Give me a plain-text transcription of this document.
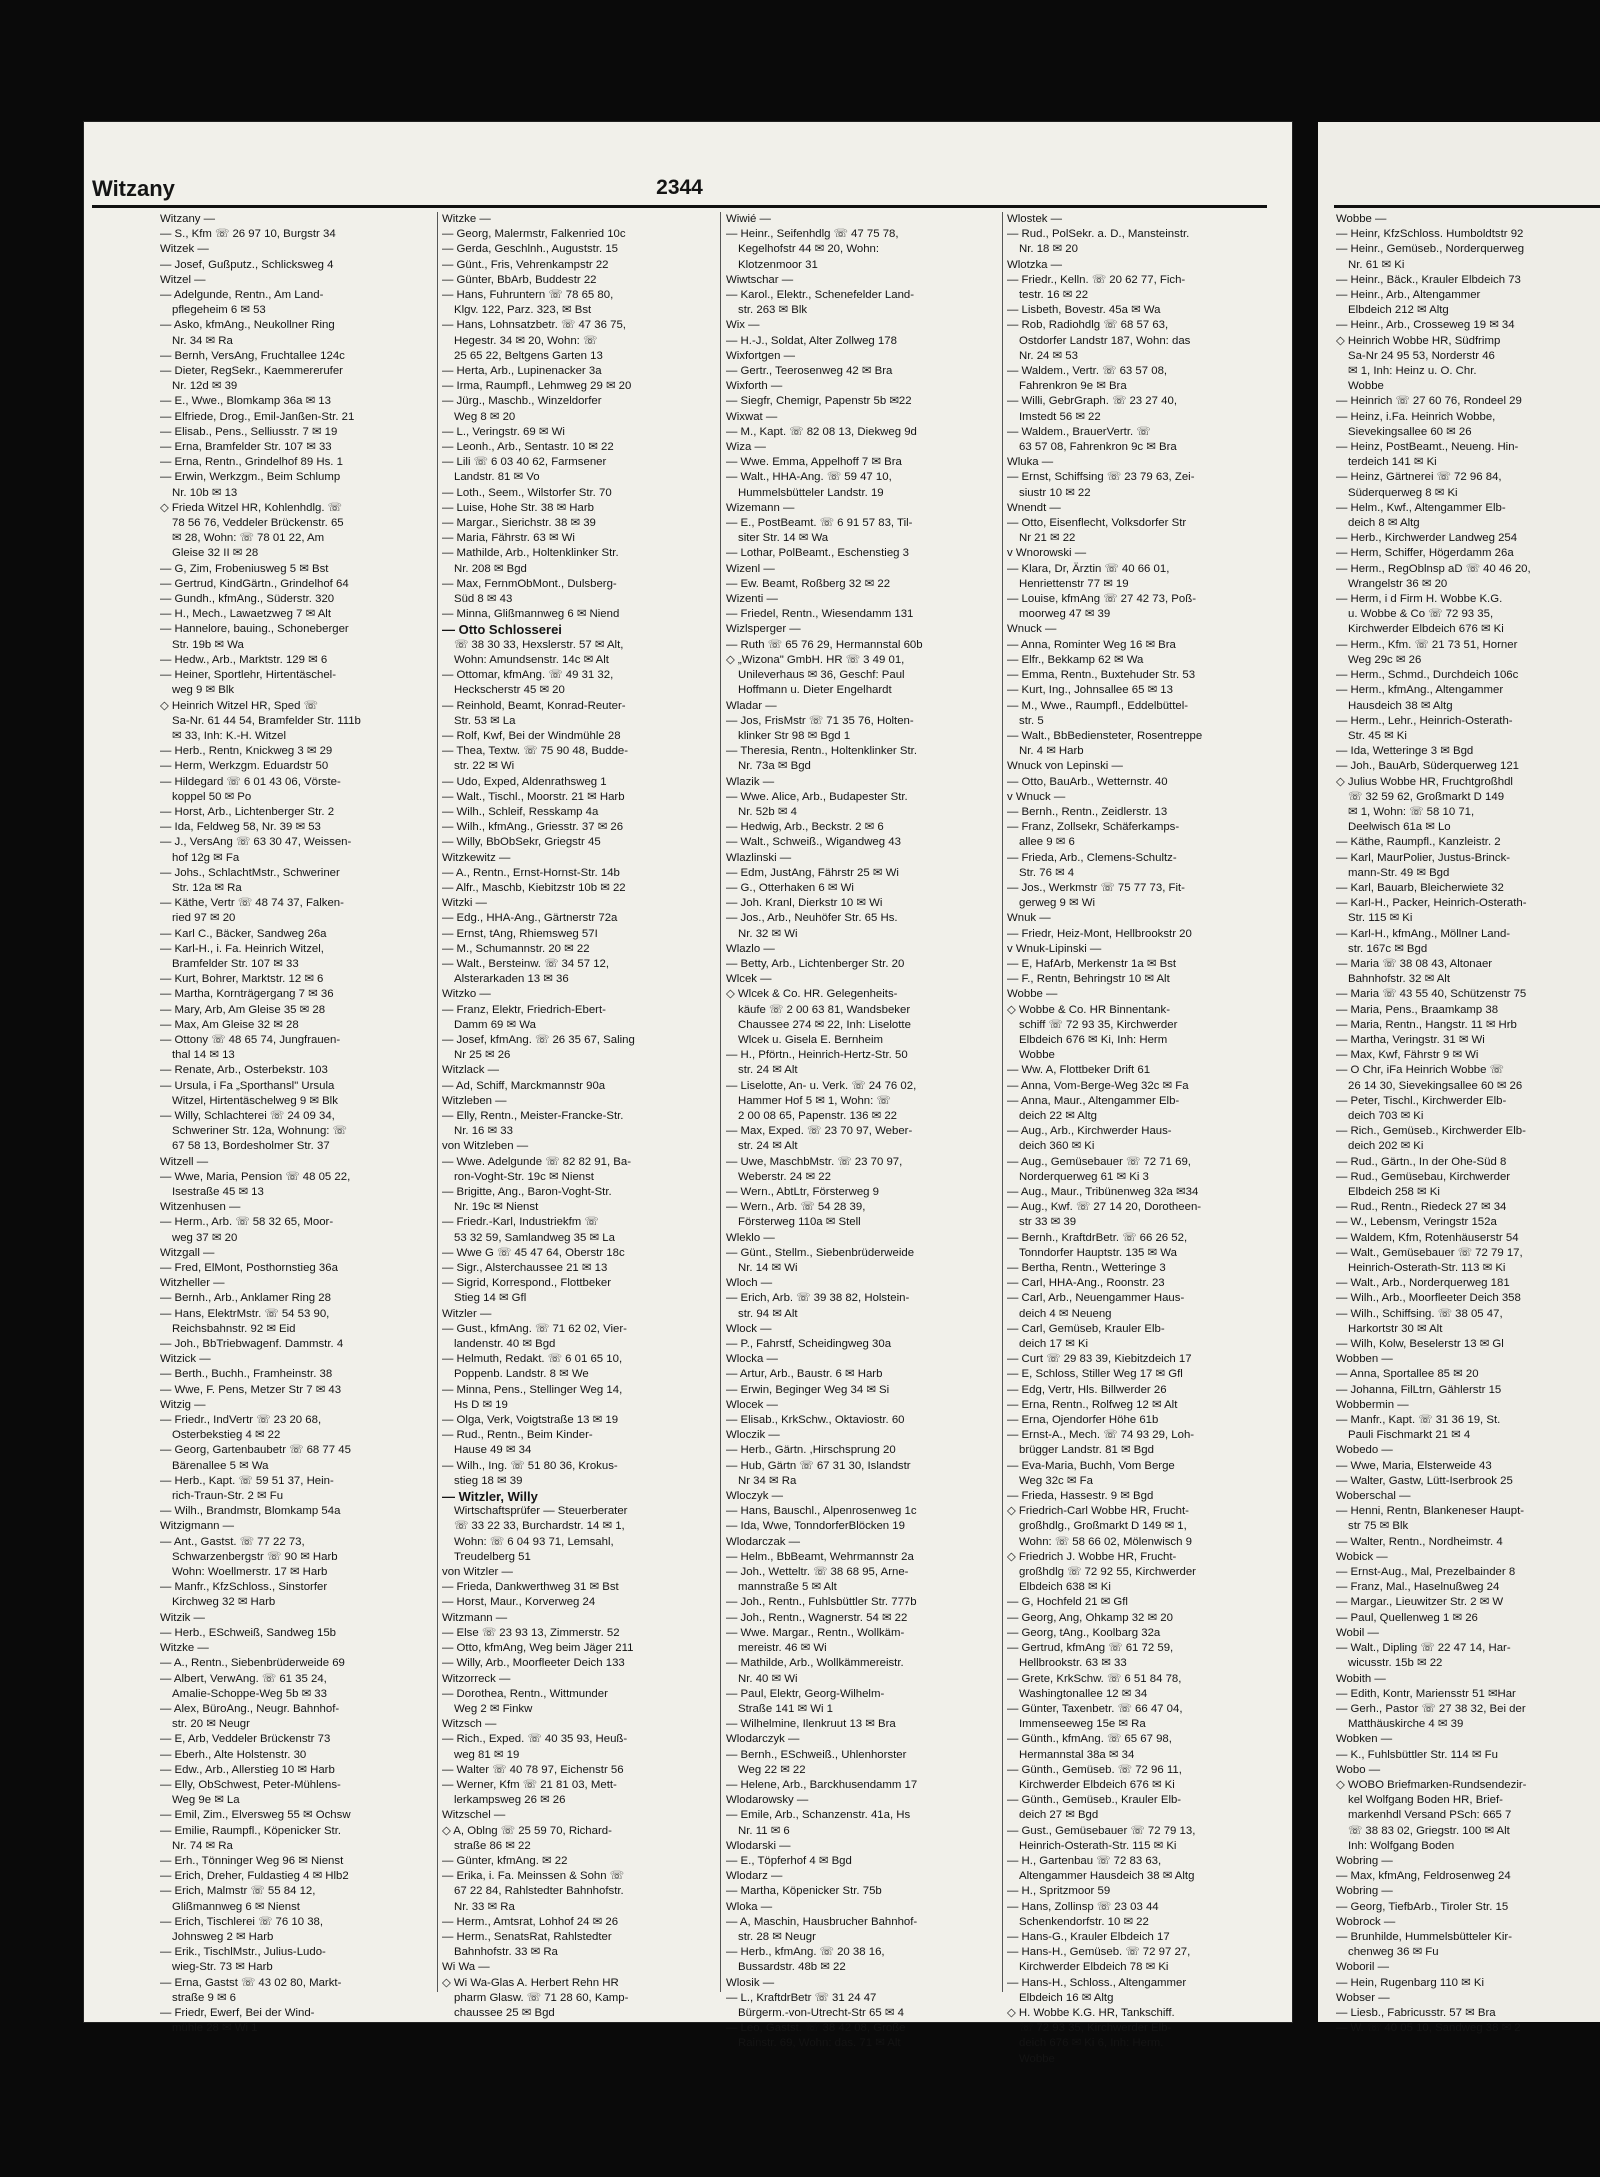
Witzany	2344
Witzany —
— S., Kfm ☏ 26 97 10, Burgstr 34
Witzek —
— Josef, Gußputz., Schlicksweg 4
Witzel —
— Adelgunde, Rentn., Am Land-
pflegeheim 6 ✉ 53
— Asko, kfmAng., Neukollner Ring
Nr. 34 ✉ Ra
— Bernh, VersAng, Fruchtallee 124c
— Dieter, RegSekr., Kaemmererufer
Nr. 12d ✉ 39
— E., Wwe., Blomkamp 36a ✉ 13
— Elfriede, Drog., Emil-Janßen-Str. 21
— Elisab., Pens., Selliusstr. 7 ✉ 19
— Erna, Bramfelder Str. 107 ✉ 33
— Erna, Rentn., Grindelhof 89 Hs. 1
— Erwin, Werkzgm., Beim Schlump
Nr. 10b ✉ 13
◇ Frieda Witzel HR, Kohlenhdlg. ☏
78 56 76, Veddeler Brückenstr. 65
✉ 28, Wohn: ☏ 78 01 22, Am
Gleise 32 II ✉ 28
— G, Zim, Frobeniusweg 5 ✉ Bst
— Gertrud, KindGärtn., Grindelhof 64
— Gundh., kfmAng., Süderstr. 320
— H., Mech., Lawaetzweg 7 ✉ Alt
— Hannelore, bauing., Schoneberger
Str. 19b ✉ Wa
— Hedw., Arb., Marktstr. 129 ✉ 6
— Heiner, Sportlehr, Hirtentäschel-
weg 9 ✉ Blk
◇ Heinrich Witzel HR, Sped ☏
Sa-Nr. 61 44 54, Bramfelder Str. 111b
✉ 33, Inh: K.-H. Witzel
— Herb., Rentn, Knickweg 3 ✉ 29
— Herm, Werkzgm. Eduardstr 50
— Hildegard ☏ 6 01 43 06, Vörste-
koppel 50 ✉ Po
— Horst, Arb., Lichtenberger Str. 2
— Ida, Feldweg 58, Nr. 39 ✉ 53
— J., VersAng ☏ 63 30 47, Weissen-
hof 12g ✉ Fa
— Johs., SchlachtMstr., Schweriner
Str. 12a ✉ Ra
— Käthe, Vertr ☏ 48 74 37, Falken-
ried 97 ✉ 20
— Karl C., Bäcker, Sandweg 26a
— Karl-H., i. Fa. Heinrich Witzel,
Bramfelder Str. 107 ✉ 33
— Kurt, Bohrer, Marktstr. 12 ✉ 6
— Martha, Kornträgergang 7 ✉ 36
— Mary, Arb, Am Gleise 35 ✉ 28
— Max, Am Gleise 32 ✉ 28
— Ottony ☏ 48 65 74, Jungfrauen-
thal 14 ✉ 13
— Renate, Arb., Osterbekstr. 103
— Ursula, i Fa „Sporthansl" Ursula
Witzel, Hirtentäschelweg 9 ✉ Blk
— Willy, Schlachterei ☏ 24 09 34,
Schweriner Str. 12a, Wohnung: ☏
67 58 13, Bordesholmer Str. 37
Witzell —
— Wwe, Maria, Pension ☏ 48 05 22,
Isestraße 45 ✉ 13
Witzenhusen —
— Herm., Arb. ☏ 58 32 65, Moor-
weg 37 ✉ 20
Witzgall —
— Fred, ElMont, Posthornstieg 36a
Witzheller —
— Bernh., Arb., Anklamer Ring 28
— Hans, ElektrMstr. ☏ 54 53 90,
Reichsbahnstr. 92 ✉ Eid
— Joh., BbTriebwagenf. Dammstr. 4
Witzick —
— Berth., Buchh., Framheinstr. 38
— Wwe, F. Pens, Metzer Str 7 ✉ 43
Witzig —
— Friedr., IndVertr ☏ 23 20 68,
Osterbekstieg 4 ✉ 22
— Georg, Gartenbaubetr ☏ 68 77 45
Bärenallee 5 ✉ Wa
— Herb., Kapt. ☏ 59 51 37, Hein-
rich-Traun-Str. 2 ✉ Fu
— Wilh., Brandmstr, Blomkamp 54a
Witzigmann —
— Ant., Gastst. ☏ 77 22 73,
Schwarzenbergstr ☏ 90 ✉ Harb
Wohn: Woellmerstr. 17 ✉ Harb
— Manfr., KfzSchloss., Sinstorfer
Kirchweg 32 ✉ Harb
Witzik —
— Herb., ESchweiß, Sandweg 15b
Witzke —
— A., Rentn., Siebenbrüderweide 69
— Albert, VerwAng. ☏ 61 35 24,
Amalie-Schoppe-Weg 5b ✉ 33
— Alex, BüroAng., Neugr. Bahnhof-
str. 20 ✉ Neugr
— E, Arb, Veddeler Brückenstr 73
— Eberh., Alte Holstenstr. 30
— Edw., Arb., Allerstieg 10 ✉ Harb
— Elly, ObSchwest, Peter-Mühlens-
Weg 9e ✉ La
— Emil, Zim., Elversweg 55 ✉ Ochsw
— Emilie, Raumpfl., Köpenicker Str.
Nr. 74 ✉ Ra
— Erh., Tönninger Weg 96 ✉ Nienst
— Erich, Dreher, Fuldastieg 4 ✉ Hlb2
— Erich, Malmstr ☏ 55 84 12,
Glißmannweg 6 ✉ Nienst
— Erich, Tischlerei ☏ 76 10 38,
Johnsweg 2 ✉ Harb
— Erik., TischlMstr., Julius-Ludo-
wieg-Str. 73 ✉ Harb
— Erna, Gastst ☏ 43 02 80, Markt-
straße 9 ✉ 6
— Friedr, Ewerf, Bei der Wind-
mühle 28 ✉ Wi 1
Witzke —
— Georg, Malermstr, Falkenried 10c
— Gerda, Geschlnh., Auguststr. 15
— Günt., Fris, Vehrenkampstr 22
— Günter, BbArb, Buddestr 22
— Hans, Fuhruntern ☏ 78 65 80,
Klgv. 122, Parz. 323, ✉ Bst
— Hans, Lohnsatzbetr. ☏ 47 36 75,
Hegestr. 34 ✉ 20, Wohn: ☏
25 65 22, Beltgens Garten 13
— Herta, Arb., Lupinenacker 3a
— Irma, Raumpfl., Lehmweg 29 ✉ 20
— Jürg., Maschb., Winzeldorfer
Weg 8 ✉ 20
— L., Veringstr. 69 ✉ Wi
— Leonh., Arb., Sentastr. 10 ✉ 22
— Lili ☏ 6 03 40 62, Farmsener
Landstr. 81 ✉ Vo
— Loth., Seem., Wilstorfer Str. 70
— Luise, Hohe Str. 38 ✉ Harb
— Margar., Sierichstr. 38 ✉ 39
— Maria, Fährstr. 63 ✉ Wi
— Mathilde, Arb., Holtenklinker Str.
Nr. 208 ✉ Bgd
— Max, FernmObMont., Dulsberg-
Süd 8 ✉ 43
— Minna, Glißmannweg 6 ✉ Niend
— Otto Schlosserei
☏ 38 30 33, Hexslerstr. 57 ✉ Alt,
Wohn: Amundsenstr. 14c ✉ Alt
— Ottomar, kfmAng. ☏ 49 31 32,
Heckscherstr 45 ✉ 20
— Reinhold, Beamt, Konrad-Reuter-
Str. 53 ✉ La
— Rolf, Kwf, Bei der Windmühle 28
— Thea, Textw. ☏ 75 90 48, Budde-
str. 22 ✉ Wi
— Udo, Exped, Aldenrathsweg 1
— Walt., Tischl., Moorstr. 21 ✉ Harb
— Wilh., Schleif, Resskamp 4a
— Wilh., kfmAng., Griesstr. 37 ✉ 26
— Willy, BbObSekr, Griegstr 45
Witzkewitz —
— A., Rentn., Ernst-Hornst-Str. 14b
— Alfr., Maschb, Kiebitzstr 10b ✉ 22
Witzki —
— Edg., HHA-Ang., Gärtnerstr 72a
— Ernst, tAng, Rhiemsweg 57I
— M., Schumannstr. 20 ✉ 22
— Walt., Bersteinw. ☏ 34 57 12,
Alsterarkaden 13 ✉ 36
Witzko —
— Franz, Elektr, Friedrich-Ebert-
Damm 69 ✉ Wa
— Josef, kfmAng. ☏ 26 35 67, Saling
Nr 25 ✉ 26
Witzlack —
— Ad, Schiff, Marckmannstr 90a
Witzleben —
— Elly, Rentn., Meister-Francke-Str.
Nr. 16 ✉ 33
von Witzleben —
— Wwe. Adelgunde ☏ 82 82 91, Ba-
ron-Voght-Str. 19c ✉ Nienst
— Brigitte, Ang., Baron-Voght-Str.
Nr. 19c ✉ Nienst
— Friedr.-Karl, Industriekfm ☏
53 32 59, Samlandweg 35 ✉ La
— Wwe G ☏ 45 47 64, Oberstr 18c
— Sigr., Alsterchaussee 21 ✉ 13
— Sigrid, Korrespond., Flottbeker
Stieg 14 ✉ Gfl
Witzler —
— Gust., kfmAng. ☏ 71 62 02, Vier-
landenstr. 40 ✉ Bgd
— Helmuth, Redakt. ☏ 6 01 65 10,
Poppenb. Landstr. 8 ✉ We
— Minna, Pens., Stellinger Weg 14,
Hs D ✉ 19
— Olga, Verk, Voigtstraße 13 ✉ 19
— Rud., Rentn., Beim Kinder-
Hause 49 ✉ 34
— Wilh., Ing. ☏ 51 80 36, Krokus-
stieg 18 ✉ 39
— Witzler, Willy
Wirtschaftsprüfer — Steuerberater
☏ 33 22 33, Burchardstr. 14 ✉ 1,
Wohn: ☏ 6 04 93 71, Lemsahl,
Treudelberg 51
von Witzler —
— Frieda, Dankwerthweg 31 ✉ Bst
— Horst, Maur., Korverweg 24
Witzmann —
— Else ☏ 23 93 13, Zimmerstr. 52
— Otto, kfmAng, Weg beim Jäger 211
— Willy, Arb., Moorfleeter Deich 133
Witzorreck —
— Dorothea, Rentn., Wittmunder
Weg 2 ✉ Finkw
Witzsch —
— Rich., Exped. ☏ 40 35 93, Heuß-
weg 81 ✉ 19
— Walter ☏ 40 78 97, Eichenstr 56
— Werner, Kfm ☏ 21 81 03, Mett-
lerkampsweg 26 ✉ 26
Witzschel —
◇ A, Oblng ☏ 25 59 70, Richard-
straße 86 ✉ 22
— Günter, kfmAng. ✉ 22
— Erika, i. Fa. Meinssen & Sohn ☏
67 22 84, Rahlstedter Bahnhofstr.
Nr. 33 ✉ Ra
— Herm., Amtsrat, Lohhof 24 ✉ 26
— Herm., SenatsRat, Rahlstedter
Bahnhofstr. 33 ✉ Ra
Wi Wa —
◇ Wi Wa-Glas A. Herbert Rehn HR
pharm Glasw. ☏ 71 28 60, Kamp-
chaussee 25 ✉ Bgd
Wiwié —
— Heinr., Seifenhdlg ☏ 47 75 78,
Kegelhofstr 44 ✉ 20, Wohn:
Klotzenmoor 31
Wiwtschar —
— Karol., Elektr., Schenefelder Land-
str. 263 ✉ Blk
Wix —
— H.-J., Soldat, Alter Zollweg 178
Wixfortgen —
— Gertr., Teerosenweg 42 ✉ Bra
Wixforth —
— Siegfr, Chemigr, Papenstr 5b ✉22
Wixwat —
— M., Kapt. ☏ 82 08 13, Diekweg 9d
Wiza —
— Wwe. Emma, Appelhoff 7 ✉ Bra
— Walt., HHA-Ang. ☏ 59 47 10,
Hummelsbütteler Landstr. 19
Wizemann —
— E., PostBeamt. ☏ 6 91 57 83, Til-
siter Str. 14 ✉ Wa
— Lothar, PolBeamt., Eschenstieg 3
Wizenl —
— Ew. Beamt, Roßberg 32 ✉ 22
Wizenti —
— Friedel, Rentn., Wiesendamm 131
Wizlsperger —
— Ruth ☏ 65 76 29, Hermannstal 60b
◇ „Wizona" GmbH. HR ☏ 3 49 01,
Unileverhaus ✉ 36, Geschf: Paul
Hoffmann u. Dieter Engelhardt
Wladar —
— Jos, FrisMstr ☏ 71 35 76, Holten-
klinker Str 98 ✉ Bgd 1
— Theresia, Rentn., Holtenklinker Str.
Nr. 73a ✉ Bgd
Wlazik —
— Wwe. Alice, Arb., Budapester Str.
Nr. 52b ✉ 4
— Hedwig, Arb., Beckstr. 2 ✉ 6
— Walt., Schweiß., Wigandweg 43
Wlazlinski —
— Edm, JustAng, Fährstr 25 ✉ Wi
— G., Otterhaken 6 ✉ Wi
— Joh. Kranl, Dierkstr 10 ✉ Wi
— Jos., Arb., Neuhöfer Str. 65 Hs.
Nr. 32 ✉ Wi
Wlazlo —
— Betty, Arb., Lichtenberger Str. 20
Wlcek —
◇ Wlcek & Co. HR. Gelegenheits-
käufe ☏ 2 00 63 81, Wandsbeker
Chaussee 274 ✉ 22, Inh: Liselotte
Wlcek u. Gisela E. Bernheim
— H., Pförtn., Heinrich-Hertz-Str. 50
str. 24 ✉ Alt
— Liselotte, An- u. Verk. ☏ 24 76 02,
Hammer Hof 5 ✉ 1, Wohn: ☏
2 00 08 65, Papenstr. 136 ✉ 22
— Max, Exped. ☏ 23 70 97, Weber-
str. 24 ✉ Alt
— Uwe, MaschbMstr. ☏ 23 70 97,
Weberstr. 24 ✉ 22
— Wern., AbtLtr, Försterweg 9
— Wern., Arb. ☏ 54 28 39,
Försterweg 110a ✉ Stell
Wleklo —
— Günt., Stellm., Siebenbrüderweide
Nr. 14 ✉ Wi
Wloch —
— Erich, Arb. ☏ 39 38 82, Holstein-
str. 94 ✉ Alt
Wlock —
— P., Fahrstf, Scheidingweg 30a
Wlocka —
— Artur, Arb., Baustr. 6 ✉ Harb
— Erwin, Beginger Weg 34 ✉ Si
Wlocek —
— Elisab., KrkSchw., Oktaviostr. 60
Wloczik —
— Herb., Gärtn. ,Hirschsprung 20
— Hub, Gärtn ☏ 67 31 30, Islandstr
Nr 34 ✉ Ra
Wloczyk —
— Hans, Bauschl., Alpenrosenweg 1c
— Ida, Wwe, TonndorferBlöcken 19
Wlodarczak —
— Helm., BbBeamt, Wehrmannstr 2a
— Joh., Wetteltr. ☏ 38 68 95, Arne-
mannstraße 5 ✉ Alt
— Joh., Rentn., Fuhlsbüttler Str. 777b
— Joh., Rentn., Wagnerstr. 54 ✉ 22
— Wwe. Margar., Rentn., Wollkäm-
mereistr. 46 ✉ Wi
— Mathilde, Arb., Wollkämmereistr.
Nr. 40 ✉ Wi
— Paul, Elektr, Georg-Wilhelm-
Straße 141 ✉ Wi 1
— Wilhelmine, Ilenkruut 13 ✉ Bra
Wlodarczyk —
— Bernh., ESchweiß., Uhlenhorster
Weg 22 ✉ 22
— Helene, Arb., Barckhusendamm 17
Wlodarowsky —
— Emile, Arb., Schanzenstr. 41a, Hs
Nr. 11 ✉ 6
Wlodarski —
— E., Töpferhof 4 ✉ Bgd
Wlodarz —
— Martha, Köpenicker Str. 75b
Wloka —
— A, Maschin, Hausbrucher Bahnhof-
str. 28 ✉ Neugr
— Herb., kfmAng. ☏ 20 38 16,
Bussardstr. 48b ✉ 22
Wlosik —
— L., KraftdrBetr ☏ 31 24 47
Bürgerm.-von-Utrecht-Str 65 ✉ 4
— Leo, Gastst. ☏ 38 42 08, Große
Rainstr. 69, Wohn: das. 71 ✉ Alt
Wlostek —
— Rud., PolSekr. a. D., Mansteinstr.
Nr. 18 ✉ 20
Wlotzka —
— Friedr., Kelln. ☏ 20 62 77, Fich-
testr. 16 ✉ 22
— Lisbeth, Bovestr. 45a ✉ Wa
— Rob, Radiohdlg ☏ 68 57 63,
Ostdorfer Landstr 187, Wohn: das
Nr. 24 ✉ 53
— Waldem., Vertr. ☏ 63 57 08,
Fahrenkron 9e ✉ Bra
— Willi, GebrGraph. ☏ 23 27 40,
Imstedt 56 ✉ 22
— Waldem., BrauerVertr. ☏
63 57 08, Fahrenkron 9c ✉ Bra
Wluka —
— Ernst, Schiffsing ☏ 23 79 63, Zei-
siustr 10 ✉ 22
Wnendt —
— Otto, Eisenflecht, Volksdorfer Str
Nr 21 ✉ 22
v Wnorowski —
— Klara, Dr, Ärztin ☏ 40 66 01,
Henriettenstr 77 ✉ 19
— Louise, kfmAng ☏ 27 42 73, Poß-
moorweg 47 ✉ 39
Wnuck —
— Anna, Rominter Weg 16 ✉ Bra
— Elfr., Bekkamp 62 ✉ Wa
— Emma, Rentn., Buxtehuder Str. 53
— Kurt, Ing., Johnsallee 65 ✉ 13
— M., Wwe., Raumpfl., Eddelbüttel-
str. 5
— Walt., BbBediensteter, Rosentreppe
Nr. 4 ✉ Harb
Wnuck von Lepinski —
— Otto, BauArb., Wetternstr. 40
v Wnuck —
— Bernh., Rentn., Zeidlerstr. 13
— Franz, Zollsekr, Schäferkamps-
allee 9 ✉ 6
— Frieda, Arb., Clemens-Schultz-
Str. 76 ✉ 4
— Jos., Werkmstr ☏ 75 77 73, Fit-
gerweg 9 ✉ Wi
Wnuk —
— Friedr, Heiz-Mont, Hellbrookstr 20
v Wnuk-Lipinski —
— E, HafArb, Merkenstr 1a ✉ Bst
— F., Rentn, Behringstr 10 ✉ Alt
Wobbe —
◇ Wobbe & Co. HR Binnentank-
schiff ☏ 72 93 35, Kirchwerder
Elbdeich 676 ✉ Ki, Inh: Herm
Wobbe
— Ww. A, Flottbeker Drift 61
— Anna, Vom-Berge-Weg 32c ✉ Fa
— Anna, Maur., Altengammer Elb-
deich 22 ✉ Altg
— Aug., Arb., Kirchwerder Haus-
deich 360 ✉ Ki
— Aug., Gemüsebauer ☏ 72 71 69,
Norderquerweg 61 ✉ Ki 3
— Aug., Maur., Tribünenweg 32a ✉34
— Aug., Kwf. ☏ 27 14 20, Dorotheen-
str 33 ✉ 39
— Bernh., KraftdrBetr. ☏ 66 26 52,
Tonndorfer Hauptstr. 135 ✉ Wa
— Bertha, Rentn., Wetteringe 3
— Carl, HHA-Ang., Roonstr. 23
— Carl, Arb., Neuengammer Haus-
deich 4 ✉ Neueng
— Carl, Gemüseb, Krauler Elb-
deich 17 ✉ Ki
— Curt ☏ 29 83 39, Kiebitzdeich 17
— E, Schloss, Stiller Weg 17 ✉ Gfl
— Edg, Vertr, Hls. Billwerder 26
— Erna, Rentn., Rolfweg 12 ✉ Alt
— Erna, Ojendorfer Höhe 61b
— Ernst-A., Mech. ☏ 74 93 29, Loh-
brügger Landstr. 81 ✉ Bgd
— Eva-Maria, Buchh, Vom Berge
Weg 32c ✉ Fa
— Frieda, Hassestr. 9 ✉ Bgd
◇ Friedrich-Carl Wobbe HR, Frucht-
großhdlg., Großmarkt D 149 ✉ 1,
Wohn: ☏ 58 66 02, Mölenwisch 9
◇ Friedrich J. Wobbe HR, Frucht-
großhdlg ☏ 72 92 55, Kirchwerder
Elbdeich 638 ✉ Ki
— G, Hochfeld 21 ✉ Gfl
— Georg, Ang, Ohkamp 32 ✉ 20
— Georg, tAng., Koolbarg 32a
— Gertrud, kfmAng ☏ 61 72 59,
Hellbrookstr. 63 ✉ 33
— Grete, KrkSchw. ☏ 6 51 84 78,
Washingtonallee 12 ✉ 34
— Günter, Taxenbetr. ☏ 66 47 04,
Immenseeweg 15e ✉ Ra
— Günth., kfmAng. ☏ 65 67 98,
Hermannstal 38a ✉ 34
— Günth., Gemüseb. ☏ 72 96 11,
Kirchwerder Elbdeich 676 ✉ Ki
— Günth., Gemüseb., Krauler Elb-
deich 27 ✉ Bgd
— Gust., Gemüsebauer ☏ 72 79 13,
Heinrich-Osterath-Str. 115 ✉ Ki
— H., Gartenbau ☏ 72 83 63,
Altengammer Hausdeich 38 ✉ Altg
— H., Spritzmoor 59
— Hans, Zollinsp ☏ 23 03 44
Schenkendorfstr. 10 ✉ 22
— Hans-G., Krauler Elbdeich 17
— Hans-H., Gemüseb. ☏ 72 97 27,
Kirchwerder Elbdeich 78 ✉ Ki
— Hans-H., Schloss., Altengammer
Elbdeich 16 ✉ Altg
◇ H. Wobbe K.G. HR, Tankschiff.
☏ 72 93 35, Kirchwerder Elb-
deich 676 ✉ Ki 6, Inh: Herm.
Wobbe
Wobbe —
— Heinr, KfzSchloss. Humboldtstr 92
— Heinr., Gemüseb., Norderquerweg
Nr. 61 ✉ Ki
— Heinr., Bäck., Krauler Elbdeich 73
— Heinr., Arb., Altengammer
Elbdeich 212 ✉ Altg
— Heinr., Arb., Crosseweg 19 ✉ 34
◇ Heinrich Wobbe HR, Südfrimp
Sa-Nr 24 95 53, Norderstr 46
✉ 1, Inh: Heinz u. O. Chr.
Wobbe
— Heinrich ☏ 27 60 76, Rondeel 29
— Heinz, i.Fa. Heinrich Wobbe,
Sievekingsallee 60 ✉ 26
— Heinz, PostBeamt., Neueng. Hin-
terdeich 141 ✉ Ki
— Heinz, Gärtnerei ☏ 72 96 84,
Süderquerweg 8 ✉ Ki
— Helm., Kwf., Altengammer Elb-
deich 8 ✉ Altg
— Herb., Kirchwerder Landweg 254
— Herm, Schiffer, Högerdamm 26a
— Herm., RegOblnsp aD ☏ 40 46 20,
Wrangelstr 36 ✉ 20
— Herm, i d Firm H. Wobbe K.G.
u. Wobbe & Co ☏ 72 93 35,
Kirchwerder Elbdeich 676 ✉ Ki
— Herm., Kfm. ☏ 21 73 51, Horner
Weg 29c ✉ 26
— Herm., Schmd., Durchdeich 106c
— Herm., kfmAng., Altengammer
Hausdeich 38 ✉ Altg
— Herm., Lehr., Heinrich-Osterath-
Str. 45 ✉ Ki
— Ida, Wetteringe 3 ✉ Bgd
— Joh., BauArb, Süderquerweg 121
◇ Julius Wobbe HR, Fruchtgroßhdl
☏ 32 59 62, Großmarkt D 149
✉ 1, Wohn: ☏ 58 10 71,
Deelwisch 61a ✉ Lo
— Käthe, Raumpfl., Kanzleistr. 2
— Karl, MaurPolier, Justus-Brinck-
mann-Str. 49 ✉ Bgd
— Karl, Bauarb, Bleicherwiete 32
— Karl-H., Packer, Heinrich-Osterath-
Str. 115 ✉ Ki
— Karl-H., kfmAng., Möllner Land-
str. 167c ✉ Bgd
— Maria ☏ 38 08 43, Altonaer
Bahnhofstr. 32 ✉ Alt
— Maria ☏ 43 55 40, Schützenstr 75
— Maria, Pens., Braamkamp 38
— Maria, Rentn., Hangstr. 11 ✉ Hrb
— Martha, Veringstr. 31 ✉ Wi
— Max, Kwf, Fährstr 9 ✉ Wi
— O Chr, iFa Heinrich Wobbe ☏
26 14 30, Sievekingsallee 60 ✉ 26
— Peter, Tischl., Kirchwerder Elb-
deich 703 ✉ Ki
— Rich., Gemüseb., Kirchwerder Elb-
deich 202 ✉ Ki
— Rud., Gärtn., In der Ohe-Süd 8
— Rud., Gemüsebau, Kirchwerder
Elbdeich 258 ✉ Ki
— Rud., Rentn., Riedeck 27 ✉ 34
— W., Lebensm, Veringstr 152a
— Waldem, Kfm, Rotenhäuserstr 54
— Walt., Gemüsebauer ☏ 72 79 17,
Heinrich-Osterath-Str. 113 ✉ Ki
— Walt., Arb., Norderquerweg 181
— Wilh., Arb., Moorfleeter Deich 358
— Wilh., Schiffsing. ☏ 38 05 47,
Harkortstr 30 ✉ Alt
— Wilh, Kolw, Beselerstr 13 ✉ Gl
Wobben —
— Anna, Sportallee 85 ✉ 20
— Johanna, FilLtrn, Gählerstr 15
Wobbermin —
— Manfr., Kapt. ☏ 31 36 19, St.
Pauli Fischmarkt 21 ✉ 4
Wobedo —
— Wwe, Maria, Elsterweide 43
— Walter, Gastw, Lütt-Iserbrook 25
Woberschal —
— Henni, Rentn, Blankeneser Haupt-
str 75 ✉ Blk
— Walter, Rentn., Nordheimstr. 4
Wobick —
— Ernst-Aug., Mal, Prezelbainder 8
— Franz, Mal., Haselnußweg 24
— Margar., Lieuwitzer Str. 2 ✉ W
— Paul, Quellenweg 1 ✉ 26
Wobil —
— Walt., Dipling ☏ 22 47 14, Har-
wicusstr. 15b ✉ 22
Wobith —
— Edith, Kontr, Mariensstr 51 ✉Har
— Gerh., Pastor ☏ 27 38 32, Bei der
Matthäuskirche 4 ✉ 39
Wobken —
— K., Fuhlsbüttler Str. 114 ✉ Fu
Wobo —
◇ WOBO Briefmarken-Rundsendezir-
kel Wolfgang Boden HR, Brief-
markenhdl Versand PSch: 665 7
☏ 38 83 02, Griegstr. 100 ✉ Alt
Inh: Wolfgang Boden
Wobring —
— Max, kfmAng, Feldrosenweg 24
Wobring —
— Georg, TiefbArb., Tiroler Str. 15
Wobrock —
— Brunhilde, Hummelsbütteler Kir-
chenweg 36 ✉ Fu
Woboril —
— Hein, Rugenbarg 110 ✉ Ki
Wobser —
— Liesb., Fabricusstr. 57 ✉ Bra
— W. ☏ 40 05 10, Sandweg 38 ✉ 2
